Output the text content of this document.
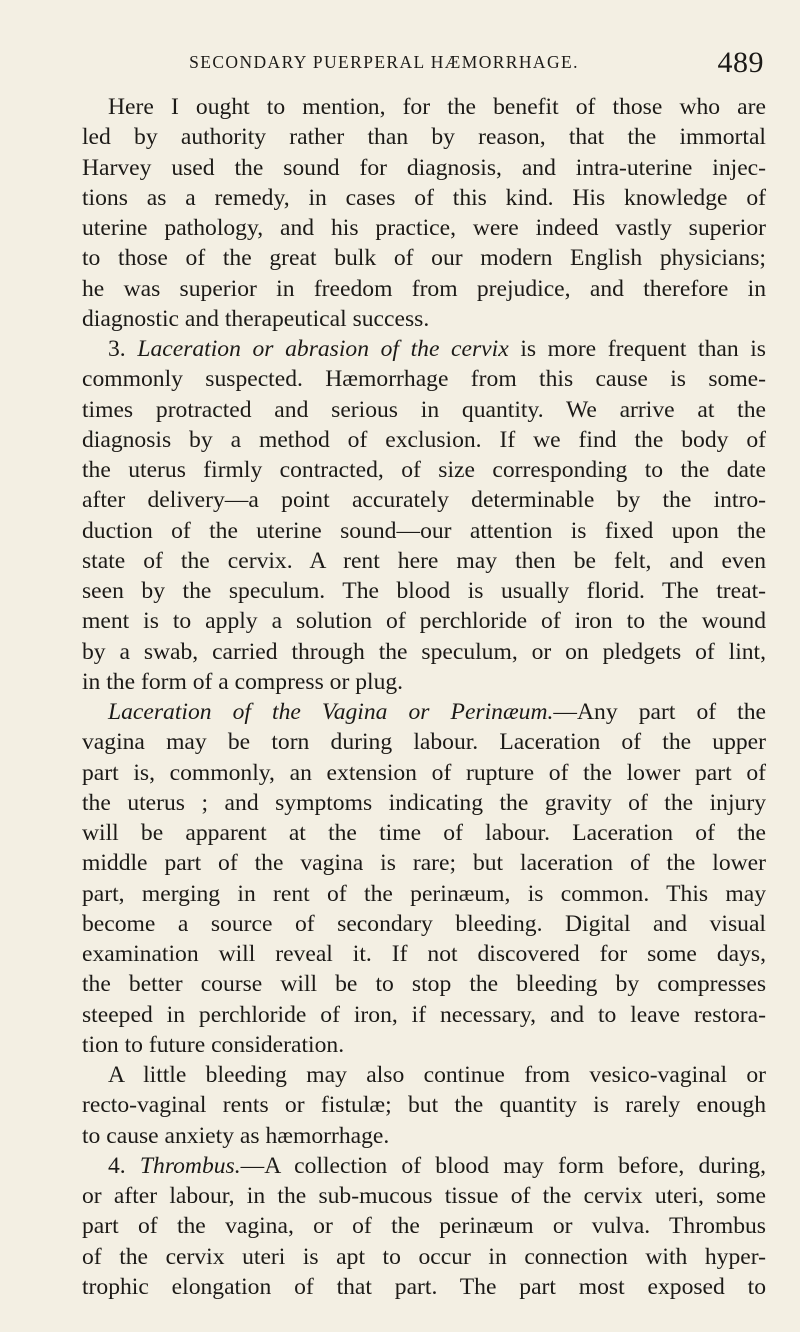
SECONDARY PUERPERAL HÆMORRHAGE.	489
Here I ought to mention, for the benefit of those who are
led by authority rather than by reason, that the immortal
Harvey used the sound for diagnosis, and intra-uterine injec-
tions as a remedy, in cases of this kind. His knowledge of
uterine pathology, and his practice, were indeed vastly superior
to those of the great bulk of our modern English physicians;
he was superior in freedom from prejudice, and therefore in
diagnostic and therapeutical success.
3. Laceration or abrasion of the cervix is more frequent than is
commonly suspected. Hæmorrhage from this cause is some-
times protracted and serious in quantity. We arrive at the
diagnosis by a method of exclusion. If we find the body of
the uterus firmly contracted, of size corresponding to the date
after delivery—a point accurately determinable by the intro-
duction of the uterine sound—our attention is fixed upon the
state of the cervix. A rent here may then be felt, and even
seen by the speculum. The blood is usually florid. The treat-
ment is to apply a solution of perchloride of iron to the wound
by a swab, carried through the speculum, or on pledgets of lint,
in the form of a compress or plug.
Laceration of the Vagina or Perinæum.—Any part of the
vagina may be torn during labour. Laceration of the upper
part is, commonly, an extension of rupture of the lower part of
the uterus ; and symptoms indicating the gravity of the injury
will be apparent at the time of labour. Laceration of the
middle part of the vagina is rare; but laceration of the lower
part, merging in rent of the perinæum, is common. This may
become a source of secondary bleeding. Digital and visual
examination will reveal it. If not discovered for some days,
the better course will be to stop the bleeding by compresses
steeped in perchloride of iron, if necessary, and to leave restora-
tion to future consideration.
A little bleeding may also continue from vesico-vaginal or
recto-vaginal rents or fistulæ; but the quantity is rarely enough
to cause anxiety as hæmorrhage.
4. Thrombus.—A collection of blood may form before, during,
or after labour, in the sub-mucous tissue of the cervix uteri, some
part of the vagina, or of the perinæum or vulva. Thrombus
of the cervix uteri is apt to occur in connection with hyper-
trophic elongation of that part. The part most exposed to
